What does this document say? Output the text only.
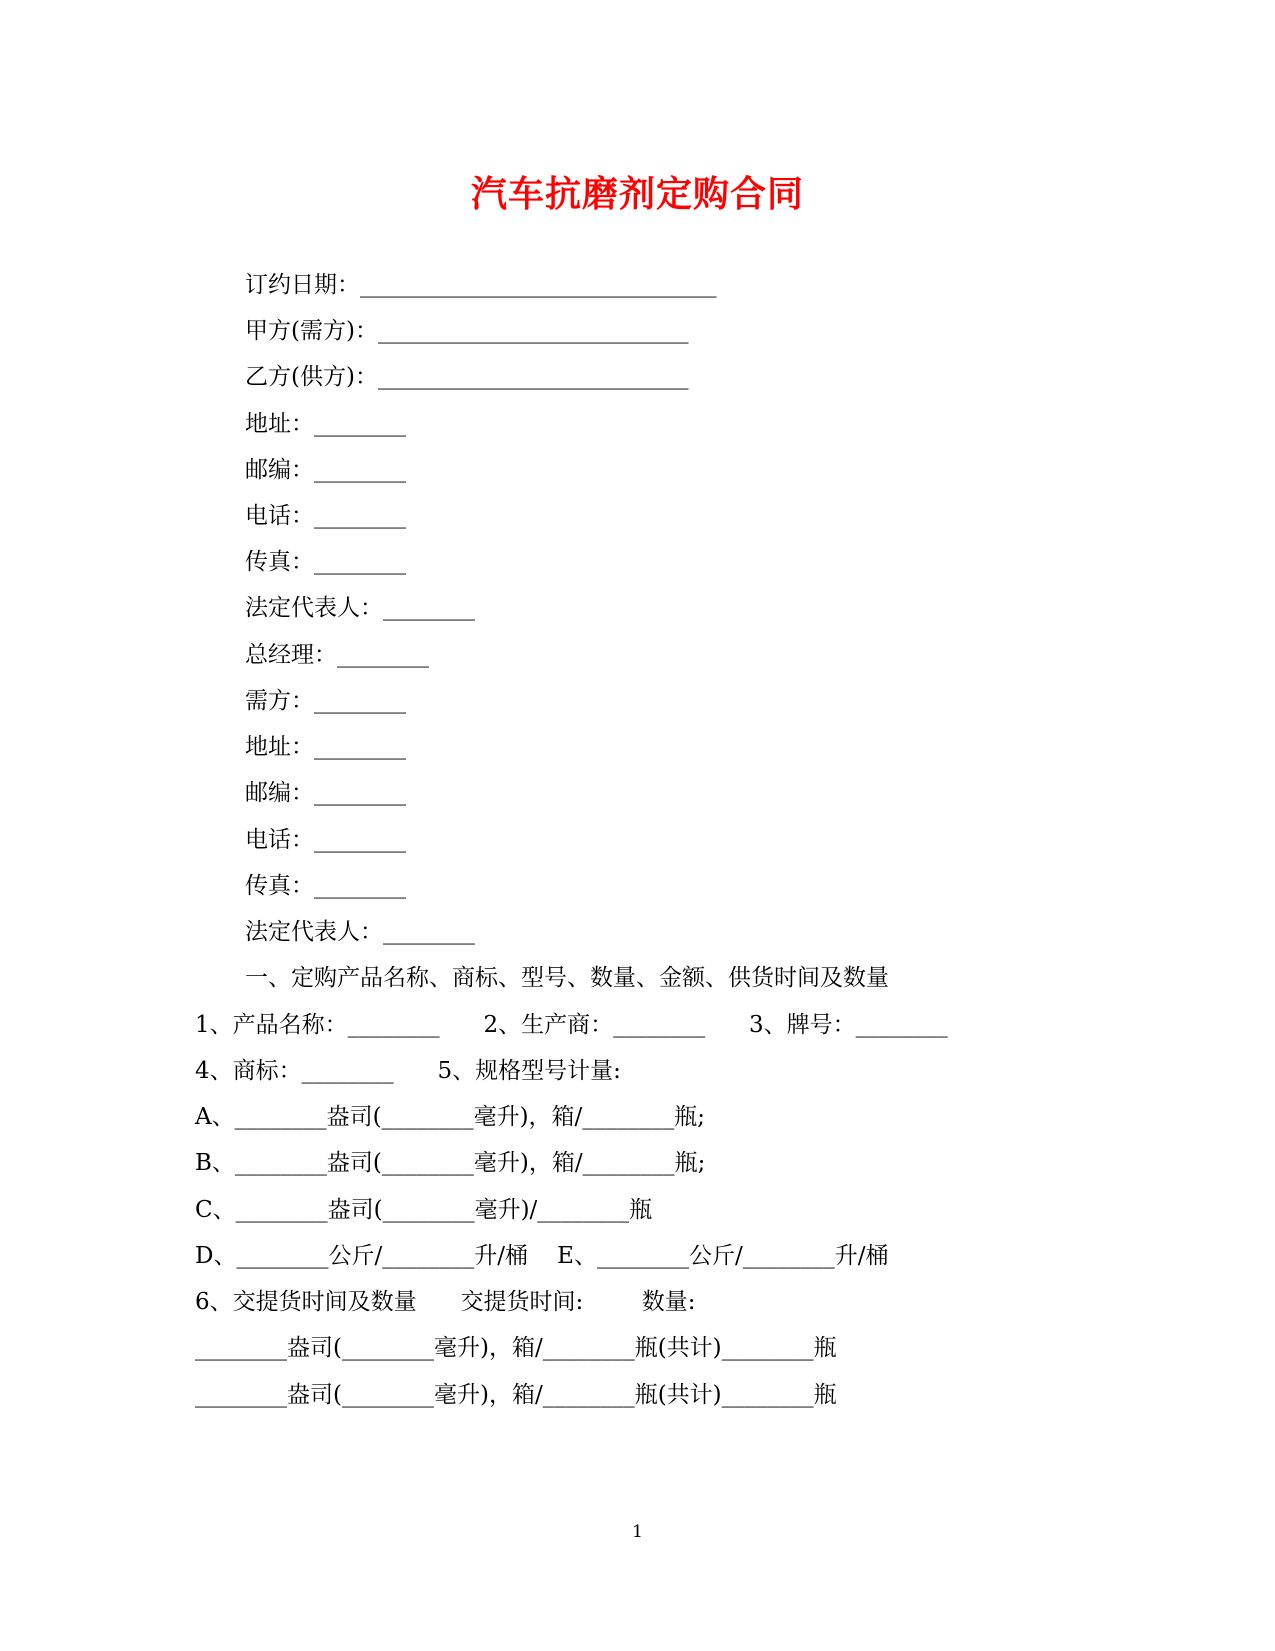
汽车抗磨剂定购合同
订约日期：_______________________________
甲方(需方)：___________________________
乙方(供方)：___________________________
地址：________
邮编：________
电话：________
传真：________
法定代表人：________
总经理：________
需方：________
地址：________
邮编：________
电话：________
传真：________
法定代表人：________
一、定购产品名称、商标、型号、数量、金额、供货时间及数量
1、产品名称：________      2、生产商：________      3、牌号：________
4、商标：________      5、规格型号计量:
A、________盎司(________毫升)，箱/________瓶;
B、________盎司(________毫升)，箱/________瓶;
C、________盎司(________毫升)/________瓶
D、________公斤/________升/桶    E、________公斤/________升/桶
6、交提货时间及数量      交提货时间:        数量:
________盎司(________毫升)，箱/________瓶(共计)________瓶
________盎司(________毫升)，箱/________瓶(共计)________瓶
1
